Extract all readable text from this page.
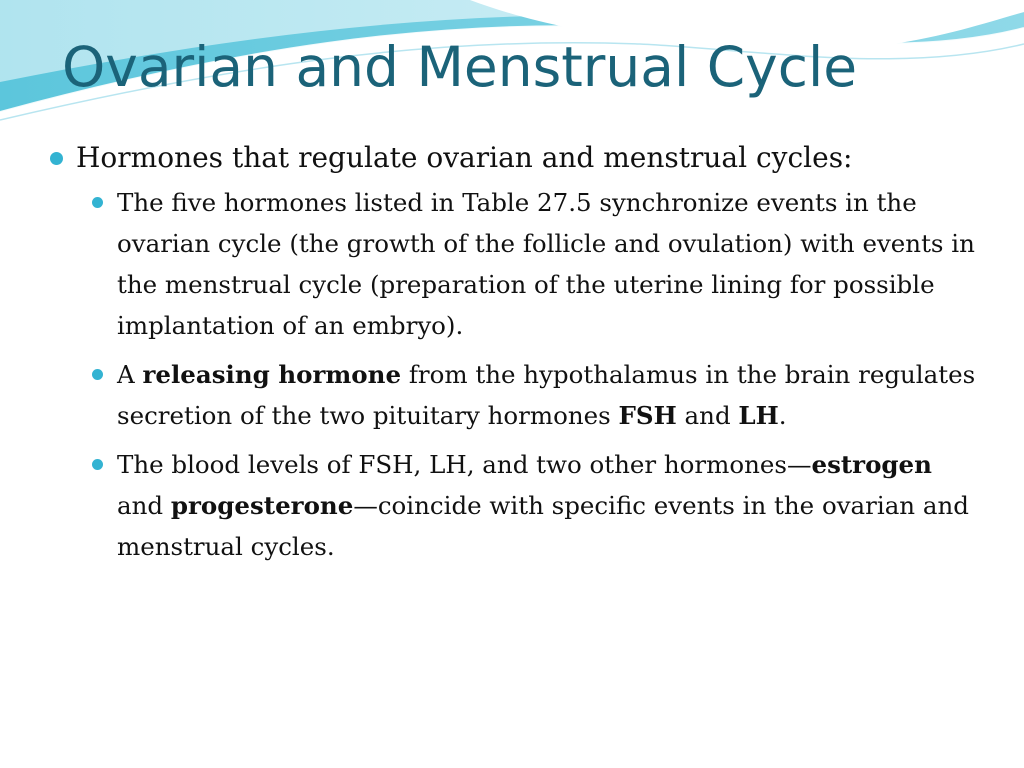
Ovarian and Menstrual Cycle
Hormones that regulate ovarian and menstrual cycles:
The five hormones listed in Table 27.5 synchronize events in the ovarian cycle (the growth of the follicle and ovulation) with events in the menstrual cycle (preparation of the uterine lining for possible implantation of an embryo).
A releasing hormone from the hypothalamus in the brain regulates secretion of the two pituitary hormones FSH and LH.
The blood levels of FSH, LH, and two other hormones—estrogen and progesterone—coincide with specific events in the ovarian and menstrual cycles.
